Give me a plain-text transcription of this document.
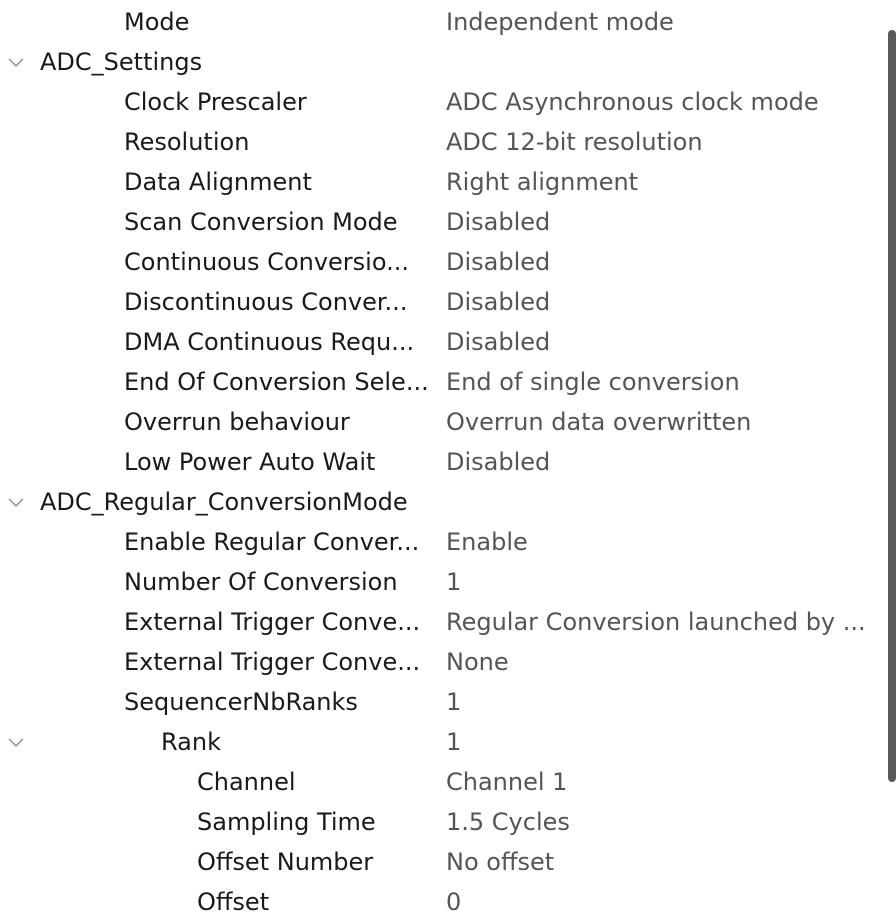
Mode	Independent mode
ADC_Settings
Clock Prescaler	ADC Asynchronous clock mode
Resolution	ADC 12-bit resolution
Data Alignment	Right alignment
Scan Conversion Mode	Disabled
Continuous Conversio...	Disabled
Discontinuous Conver...	Disabled
DMA Continuous Requ...	Disabled
End Of Conversion Sele... End of single conversion
Overrun behaviour	Overrun data overwritten
Low Power Auto Wait	Disabled
ADC_Regular_ConversionMode
Enable Regular Conver...	Enable
Number Of Conversion	1
External Trigger Conve...	Regular Conversion launched by ...
External Trigger Conve...	None
SequencerNbRanks	1
Rank	1
Channel	Channel 1
Sampling Time	1.5 Cycles
Offset Number	No offset
Offset	0
